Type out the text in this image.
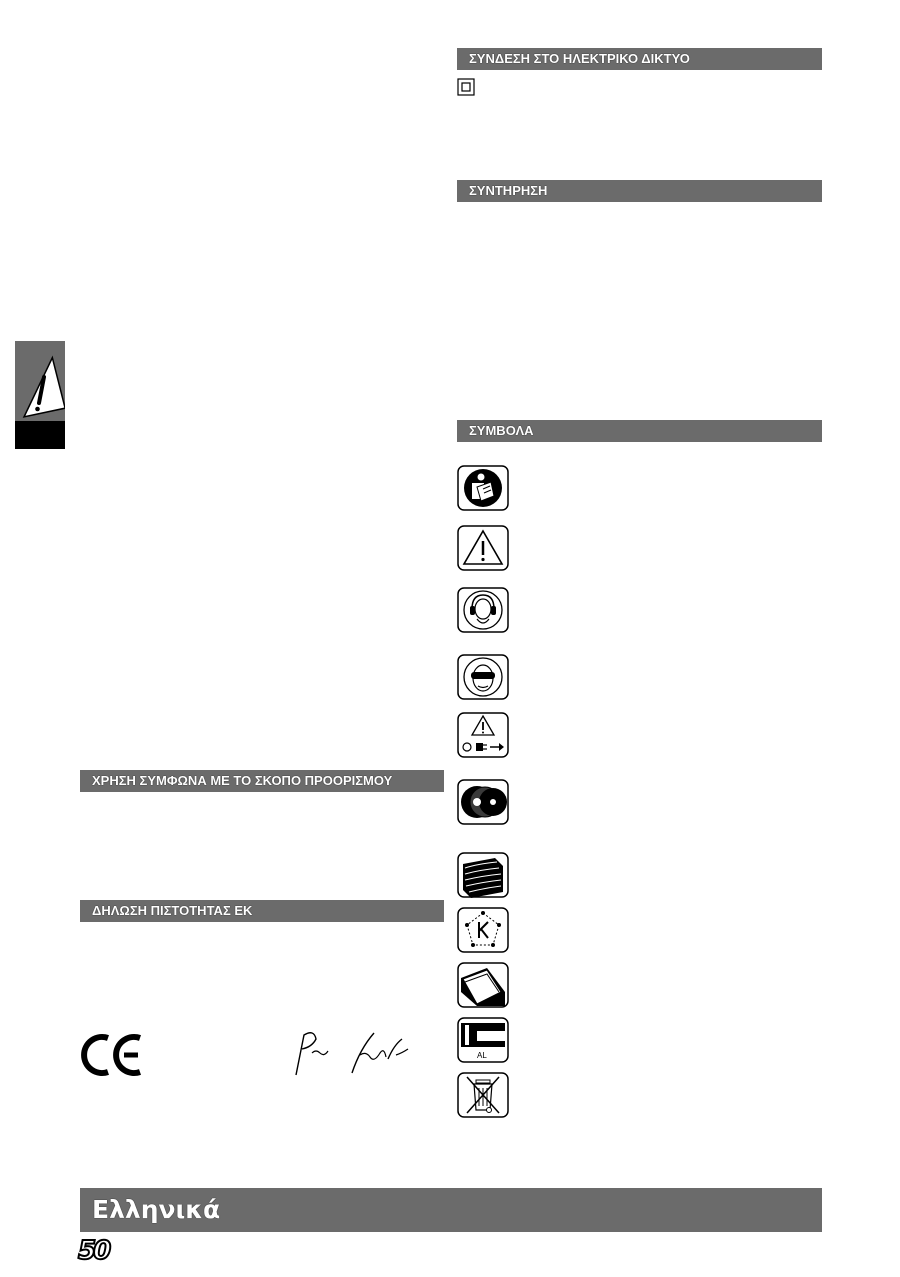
ΣΥΝΔΕΣΗ ΣΤΟ ΗΛΕΚΤΡΙΚΟ ΔΙΚΤΥΟ
ΣΥΝΤΗΡΗΣΗ
ΣΥΜΒΟΛΑ
AL
ΧΡΗΣΗ ΣΥΜΦΩΝΑ ΜΕ ΤΟ ΣΚΟΠΟ ΠΡΟΟΡΙΣΜΟΥ
ΔΗΛΩΣΗ ΠΙΣΤΟΤΗΤΑΣ ΕΚ
Ελληνικά
50
